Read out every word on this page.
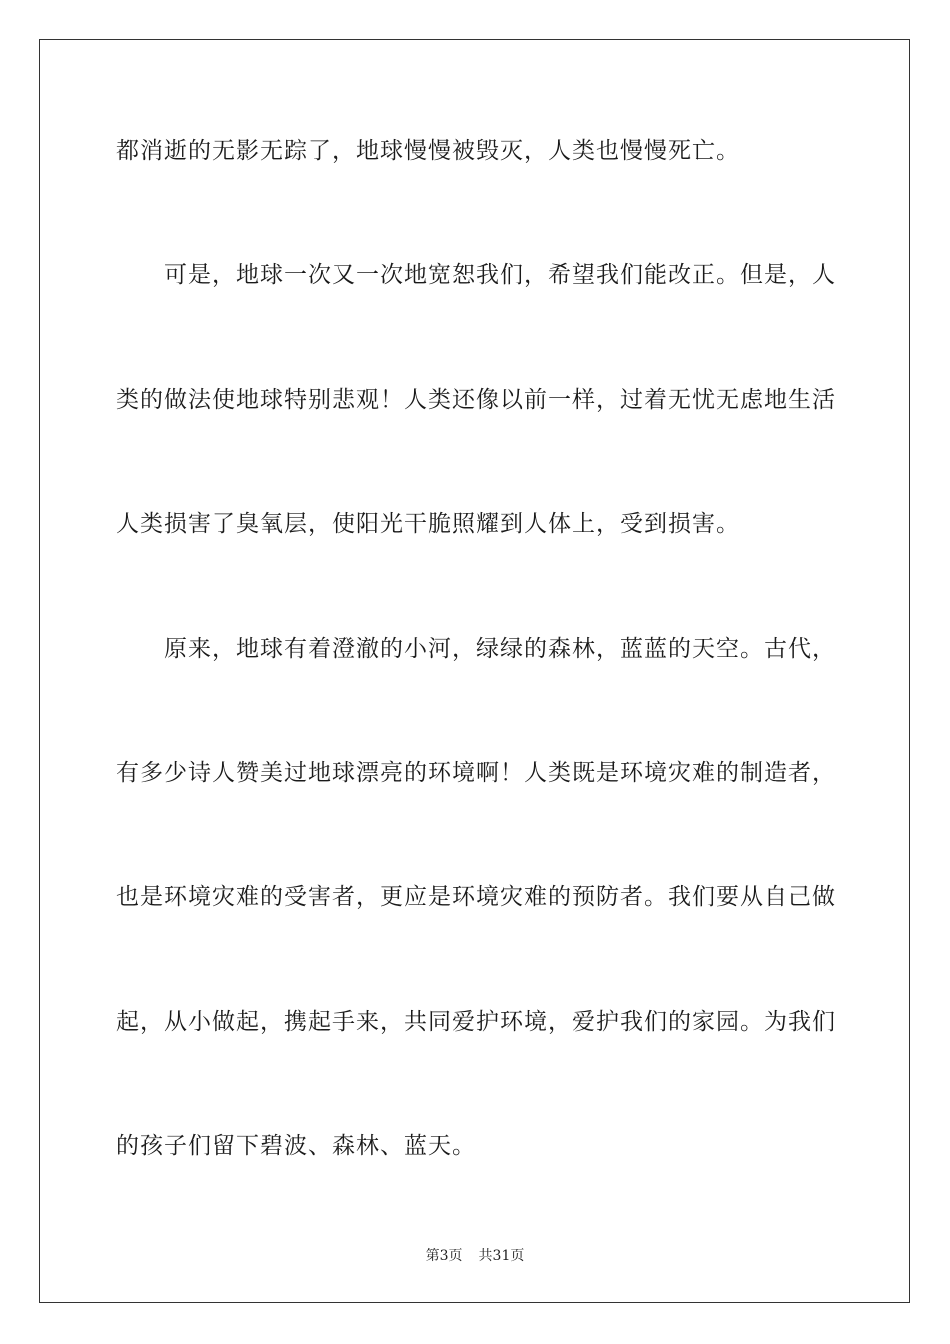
都消逝的无影无踪了，地球慢慢被毁灭，人类也慢慢死亡。
可是，地球一次又一次地宽恕我们，希望我们能改正。但是，人
类的做法使地球特别悲观！人类还像以前一样，过着无忧无虑地生活
人类损害了臭氧层，使阳光干脆照耀到人体上，受到损害。
原来，地球有着澄澈的小河，绿绿的森林，蓝蓝的天空。古代，
有多少诗人赞美过地球漂亮的环境啊！人类既是环境灾难的制造者，
也是环境灾难的受害者，更应是环境灾难的预防者。我们要从自己做
起，从小做起，携起手来，共同爱护环境，爱护我们的家园。为我们
的孩子们留下碧波、森林、蓝天。
第3页 共31页
